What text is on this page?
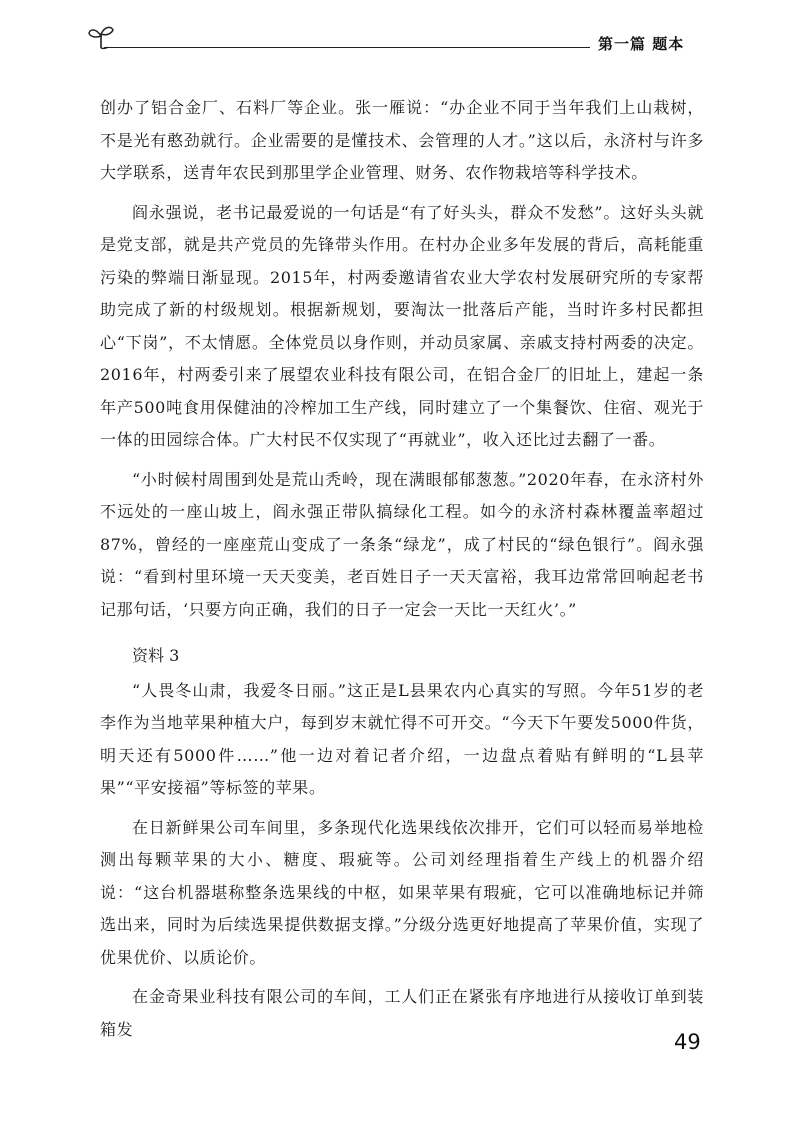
第一篇 题本

创办了铝合金厂、石料厂等企业。张一雁说：“办企业不同于当年我们上山栽树，不是光有憨劲就行。企业需要的是懂技术、会管理的人才。”这以后，永济村与许多大学联系，送青年农民到那里学企业管理、财务、农作物栽培等科学技术。

阎永强说，老书记最爱说的一句话是“有了好头头，群众不发愁”。这好头头就是党支部，就是共产党员的先锋带头作用。在村办企业多年发展的背后，高耗能重污染的弊端日渐显现。2015年，村两委邀请省农业大学农村发展研究所的专家帮助完成了新的村级规划。根据新规划，要淘汰一批落后产能，当时许多村民都担心“下岗”，不太情愿。全体党员以身作则，并动员家属、亲戚支持村两委的决定。2016年，村两委引来了展望农业科技有限公司，在铝合金厂的旧址上，建起一条年产500吨食用保健油的冷榨加工生产线，同时建立了一个集餐饮、住宿、观光于一体的田园综合体。广大村民不仅实现了“再就业”，收入还比过去翻了一番。

“小时候村周围到处是荒山秃岭，现在满眼郁郁葱葱。”2020年春，在永济村外不远处的一座山坡上，阎永强正带队搞绿化工程。如今的永济村森林覆盖率超过87%，曾经的一座座荒山变成了一条条“绿龙”，成了村民的“绿色银行”。阎永强说：“看到村里环境一天天变美，老百姓日子一天天富裕，我耳边常常回响起老书记那句话，‘只要方向正确，我们的日子一定会一天比一天红火’。”

资料 3

“人畏冬山肃，我爱冬日丽。”这正是L县果农内心真实的写照。今年51岁的老李作为当地苹果种植大户，每到岁末就忙得不可开交。“今天下午要发5000件货，明天还有5000件……”他一边对着记者介绍，一边盘点着贴有鲜明的“L县苹果”“平安接福”等标签的苹果。

在日新鲜果公司车间里，多条现代化选果线依次排开，它们可以轻而易举地检测出每颗苹果的大小、糖度、瑕疵等。公司刘经理指着生产线上的机器介绍说：“这台机器堪称整条选果线的中枢，如果苹果有瑕疵，它可以准确地标记并筛选出来，同时为后续选果提供数据支撑。”分级分选更好地提高了苹果价值，实现了优果优价、以质论价。

在金奇果业科技有限公司的车间，工人们正在紧张有序地进行从接收订单到装箱发

49
